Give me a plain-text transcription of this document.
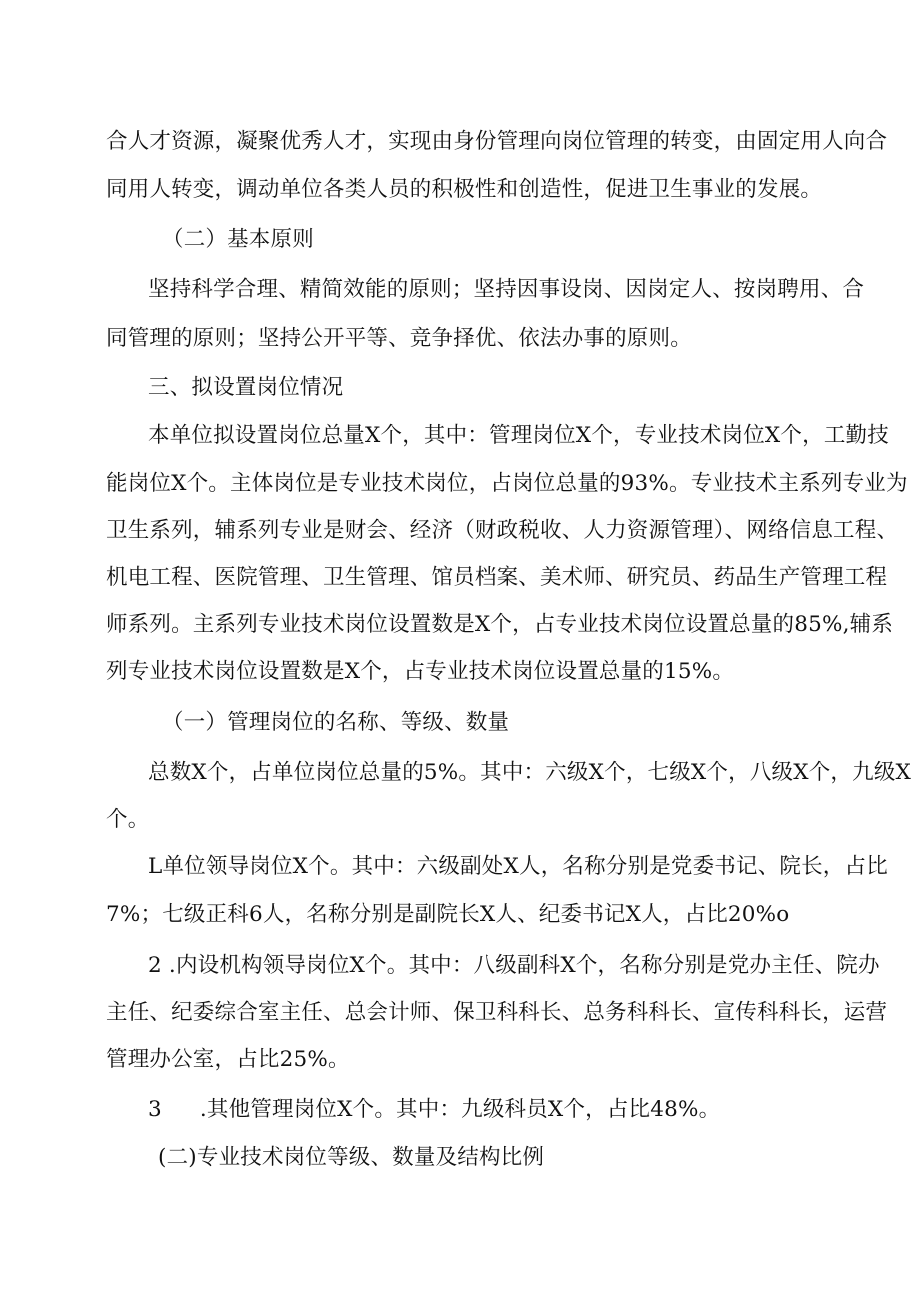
合人才资源，凝聚优秀人才，实现由身份管理向岗位管理的转变，由固定用人向合
同用人转变，调动单位各类人员的积极性和创造性，促进卫生事业的发展。
（二）基本原则
坚持科学合理、精简效能的原则；坚持因事设岗、因岗定人、按岗聘用、合
同管理的原则；坚持公开平等、竞争择优、依法办事的原则。
三、拟设置岗位情况
本单位拟设置岗位总量X个，其中：管理岗位X个，专业技术岗位X个，工勤技
能岗位X个。主体岗位是专业技术岗位，占岗位总量的93%。专业技术主系列专业为
卫生系列，辅系列专业是财会、经济（财政税收、人力资源管理）、网络信息工程、
机电工程、医院管理、卫生管理、馆员档案、美术师、研究员、药品生产管理工程
师系列。主系列专业技术岗位设置数是X个，占专业技术岗位设置总量的85%,辅系
列专业技术岗位设置数是X个，占专业技术岗位设置总量的15%。
（一）管理岗位的名称、等级、数量
总数X个，占单位岗位总量的5%。其中：六级X个，七级X个，八级X个，九级X
个。
L单位领导岗位X个。其中：六级副处X人，名称分别是党委书记、院长，占比
7%；七级正科6人，名称分别是副院长X人、纪委书记X人，占比20%o
2 .内设机构领导岗位X个。其中：八级副科X个，名称分别是党办主任、院办
主任、纪委综合室主任、总会计师、保卫科科长、总务科科长、宣传科科长，运营
管理办公室，占比25%。
3 .其他管理岗位X个。其中：九级科员X个，占比48%。
(二)专业技术岗位等级、数量及结构比例
